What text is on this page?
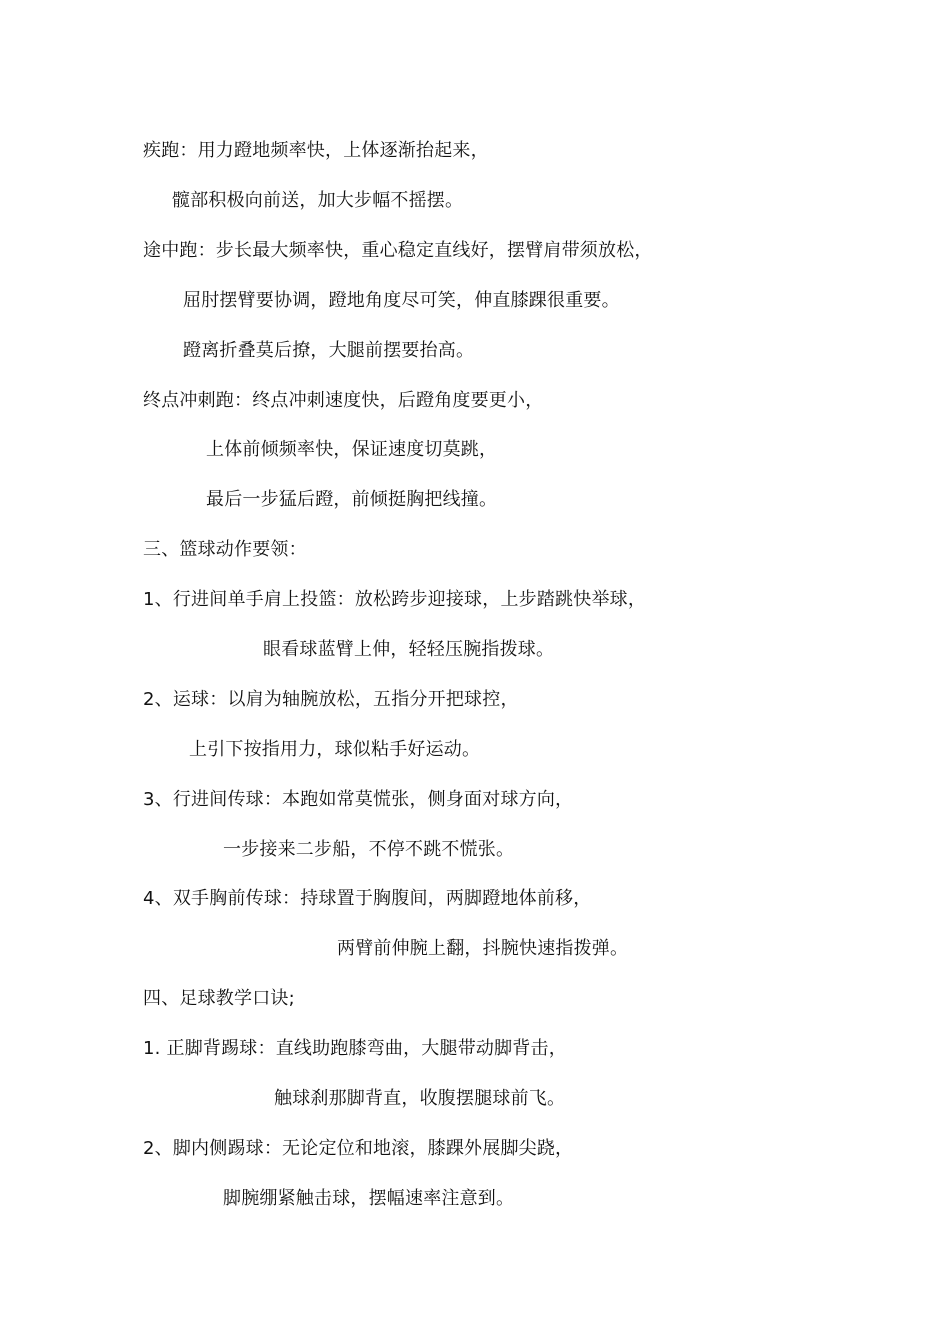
疾跑：用力蹬地频率快，上体逐渐抬起来，
髋部积极向前送，加大步幅不摇摆。
途中跑：步长最大频率快，重心稳定直线好，摆臂肩带须放松，
屈肘摆臂要协调，蹬地角度尽可笑，伸直膝踝很重要。
蹬离折叠莫后撩，大腿前摆要抬高。
终点冲刺跑：终点冲刺速度快，后蹬角度要更小，
上体前倾频率快，保证速度切莫跳，
最后一步猛后蹬，前倾挺胸把线撞。
三、篮球动作要领：
1、行进间单手肩上投篮：放松跨步迎接球，上步踏跳快举球，
眼看球蓝臂上伸，轻轻压腕指拨球。
2、运球：以肩为轴腕放松，五指分开把球控，
上引下按指用力，球似粘手好运动。
3、行进间传球：本跑如常莫慌张，侧身面对球方向，
一步接来二步船，不停不跳不慌张。
4、双手胸前传球：持球置于胸腹间，两脚蹬地体前移，
两臂前伸腕上翻，抖腕快速指拨弹。
四、足球教学口诀;
1. 正脚背踢球：直线助跑膝弯曲，大腿带动脚背击，
触球刹那脚背直，收腹摆腿球前飞。
2、脚内侧踢球：无论定位和地滚，膝踝外展脚尖跷，
脚腕绷紧触击球，摆幅速率注意到。
